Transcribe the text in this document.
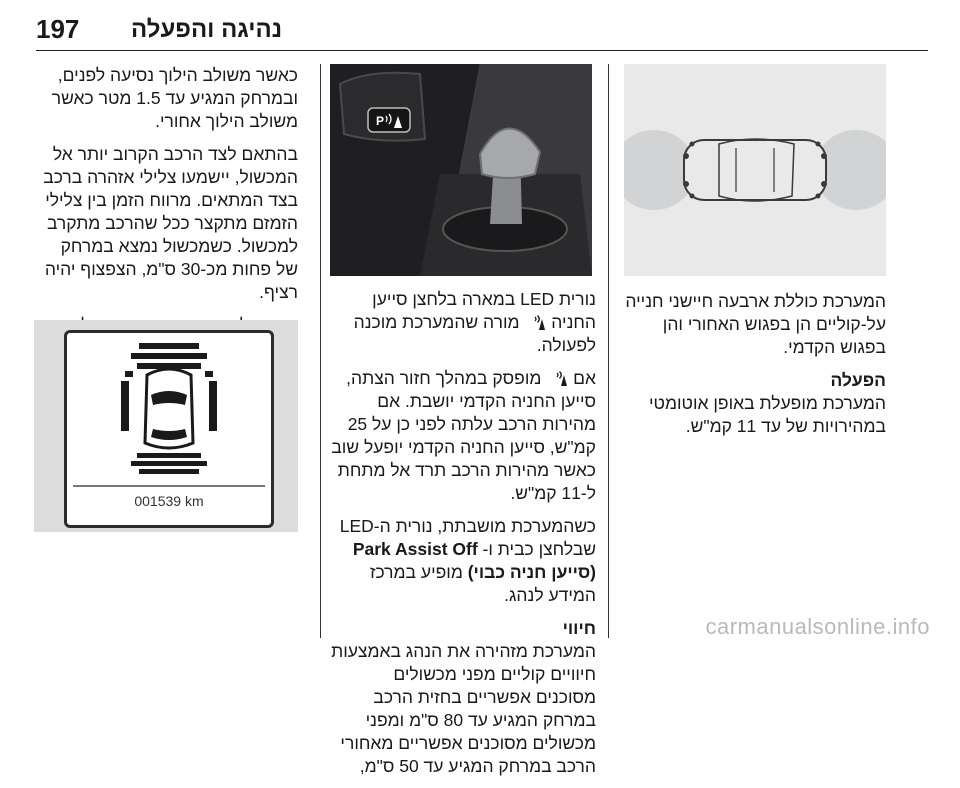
197 נהיגה והפעלה

המערכת כוללת ארבעה חיישני חנייה על-קוליים הן בפגוש האחורי והן בפגוש הקדמי.

הפעלה

המערכת מופעלת באופן אוטומטי במהירויות של עד 11 קמ"ש.

P

נורית LED במארה בלחצן סייען החניה  מורה שהמערכת מוכנה לפעולה.

אם  מופסק במהלך חזור הצתה, סייען החניה הקדמי יושבת. אם מהירות הרכב עלתה לפני כן על 25 קמ"ש, סייען החניה הקדמי יופעל שוב כאשר מהירות הרכב תרד אל מתחת ל-11 קמ"ש.

כשהמערכת מושבתת, נורית ה-LED שבלחצן כבית ו- Park Assist Off (סייען חניה כבוי) מופיע במרכז המידע לנהג.

חיווי

המערכת מזהירה את הנהג באמצעות חיוויים קוליים מפני מכשולים מסוכנים אפשריים בחזית הרכב במרחק המגיע עד 80 ס"מ ומפני מכשולים מסוכנים אפשריים מאחורי הרכב במרחק המגיע עד 50 ס"מ,

כאשר משולב הילוך נסיעה לפנים, ובמרחק המגיע עד 1.5 מטר כאשר משולב הילוך אחורי.

בהתאם לצד הרכב הקרוב יותר אל המכשול, יישמעו צלילי אזהרה ברכב בצד המתאים. מרווח הזמן בין צלילי הזמזם מתקצר ככל שהרכב מתקרב למכשול. כשמכשול נמצא במרחק של פחות מכ-30 ס"מ, הצפצוף יהיה רציף.

001539 km
carmanualsonline.info
